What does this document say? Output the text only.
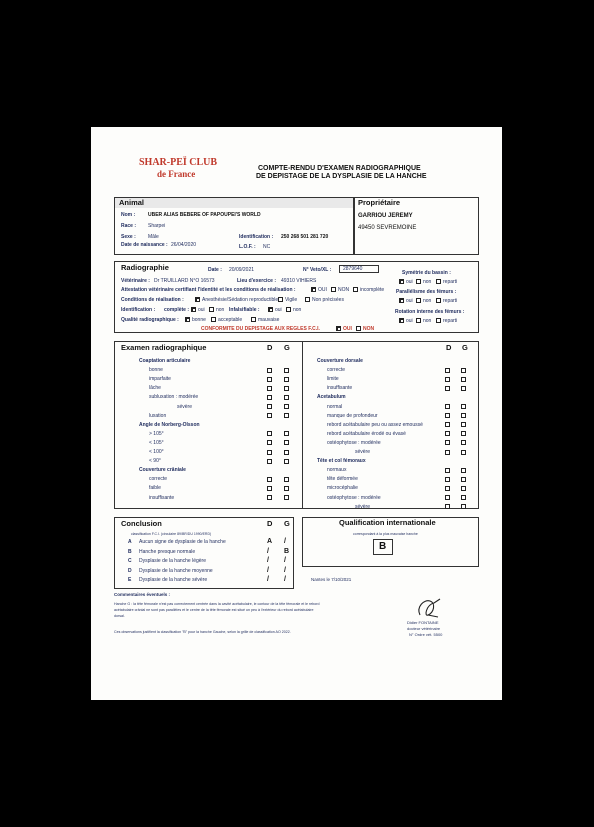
SHAR-PEÏ CLUB
de France
COMPTE-RENDU D'EXAMEN RADIOGRAPHIQUE
DE DEPISTAGE DE LA DYSPLASIE DE LA HANCHE
Animal
Nom :	UBER ALIAS BEBERE OF PAPOUPEI'S WORLD
Race : Sharpei
Sexe : Mâle	Identification : 250 268 501 281 720
Date de naissance : 26/04/2020	L.O.F. : NC
Propriétaire
GARRIOU JEREMY
49450 SEVREMOINE
Radiographie	Date : 20/09/2021	N° Veto/XL : 2879640
Vétérinaire : Dr TRUILLARD N°O 16573	Lieu d'exercice : 49310 VIHIERS
Attestation vétérinaire certifiant l'identité et les conditions de réalisation :	OUI NON incomplète
Conditions de réalisation :	Anesthésie/Sédation reproductible Vigile	Non précisées
Identification : complète : oui non Infalsifiable :	oui non
Qualité radiographique :	bonne acceptable	mauvaise
CONFORMITE DU DEPISTAGE AUX REGLES F.C.I.	OUI NON
Symétrie du bassin :
oui non reparti
Parallélisme des fémurs :
oui non reparti
Rotation interne des fémurs :
oui non reparti
Examen radiographique	D G	D G
Coaptation articulaire
bonne
imparfaite
lâche
subluxation : modérée
sévère
luxation
Angle de Norberg-Olsson
> 105°
< 105°
< 100°
< 90°
Couverture crâniale
correcte
faible
insuffisante
Couverture dorsale
correcte
limite
insuffisante
Acetabulum
normal
manque de profondeur
rebord acétabulaire peu ou assez emoussé
rebord acétabulaire érodé ou évasé
ostéophytose : modérée
sévère
Tête et col fémoraux
normaux
tête déformée
microcéphalie
ostéophytose : modérée
sévère
Conclusion
classification F.C.I. (circulaire 89/BR/DU 1990/ERD)
D G
A Aucun signe de dysplasie de la hanche	A /
B Hanche presque normale	/ B
C Dysplasie de la hanche légère	/ /
D Dysplasie de la hanche moyenne	/ /
E Dysplasie de la hanche sévère	/ /
Qualification internationale
correspondant à la plus mauvaise hanche
B
Nantes le 7/10/2021
Didier FONTAINE
docteur vétérinaire
N° Ordre vét. 5500
Commentaires éventuels :
Hanche G : la tête fémorale n'est pas correctement centrée dans la cavité acétabulaire, le contour de la tête fémorale et le rebord
acétabulaire crânial ne sont pas parallèles et le centre de la tête fémorale est situé un peu à l'extérieur du rebord acétabulaire
dorsal.
Ces observations justifient la classification "B" pour la hanche Gauche, selon la grille de classification AO 2022.
